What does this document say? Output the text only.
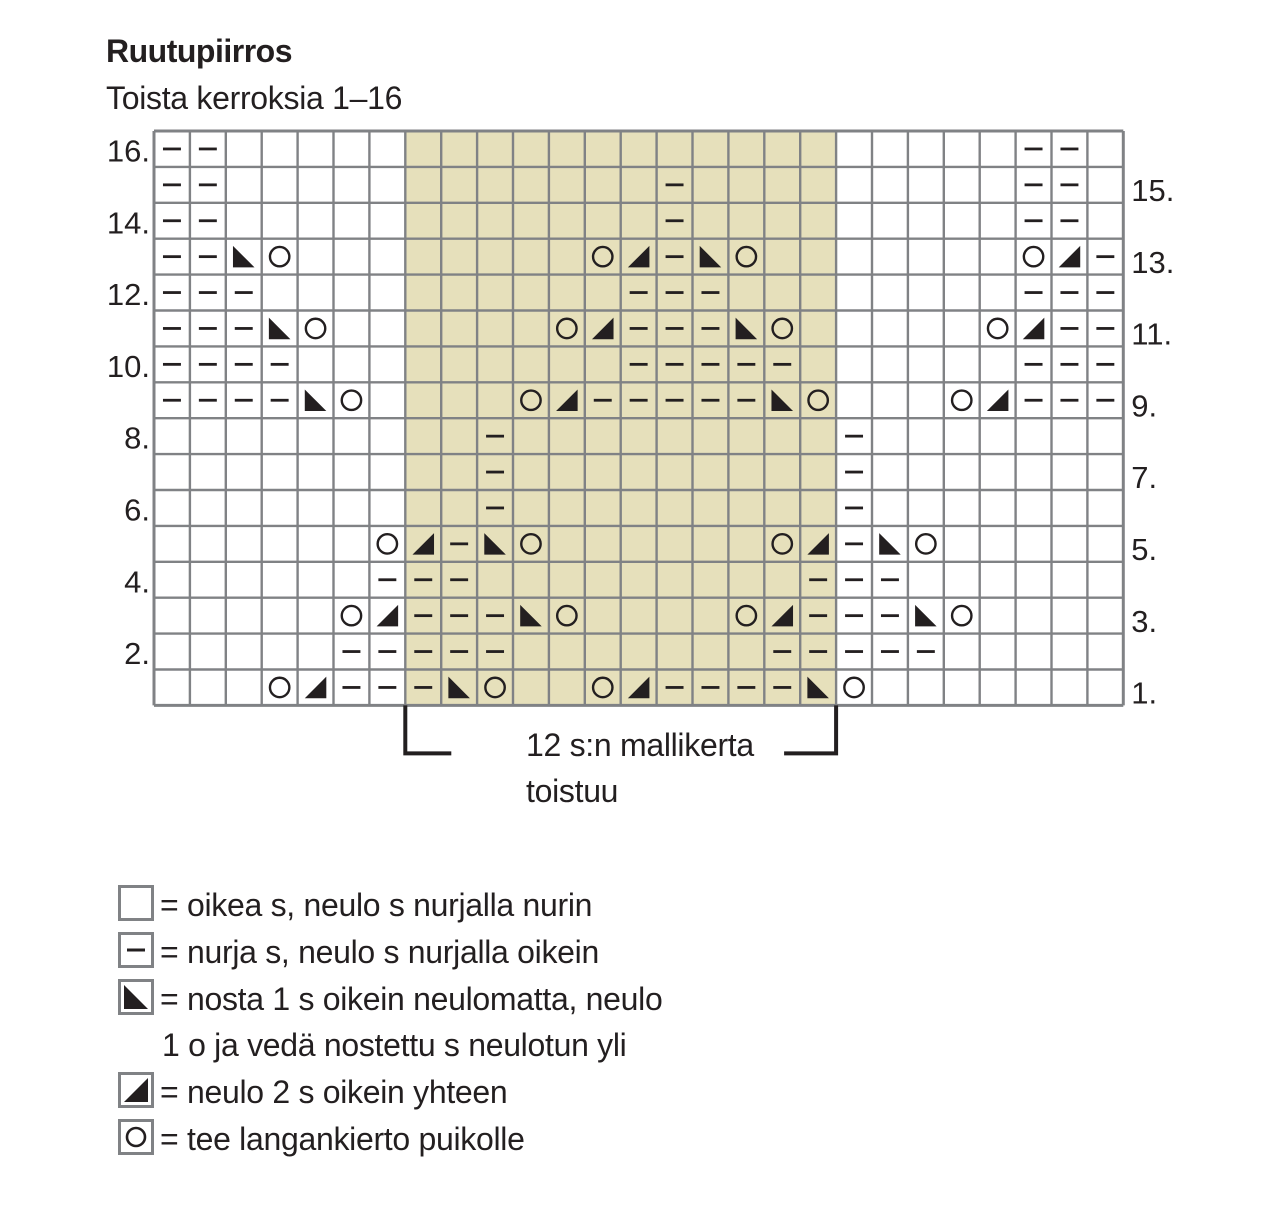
Ruutupiirros
Toista kerroksia 1–16
16.
14.
12.
10.
8.
6.
4.
2.
15.
13.
11.
9.
7.
5.
3.
1.
12 s:n mallikerta
toistuu
= oikea s, neulo s nurjalla nurin
= nurja s, neulo s nurjalla oikein
= nosta 1 s oikein neulomatta, neulo
1 o ja vedä nostettu s neulotun yli
= neulo 2 s oikein yhteen
= tee langankierto puikolle
